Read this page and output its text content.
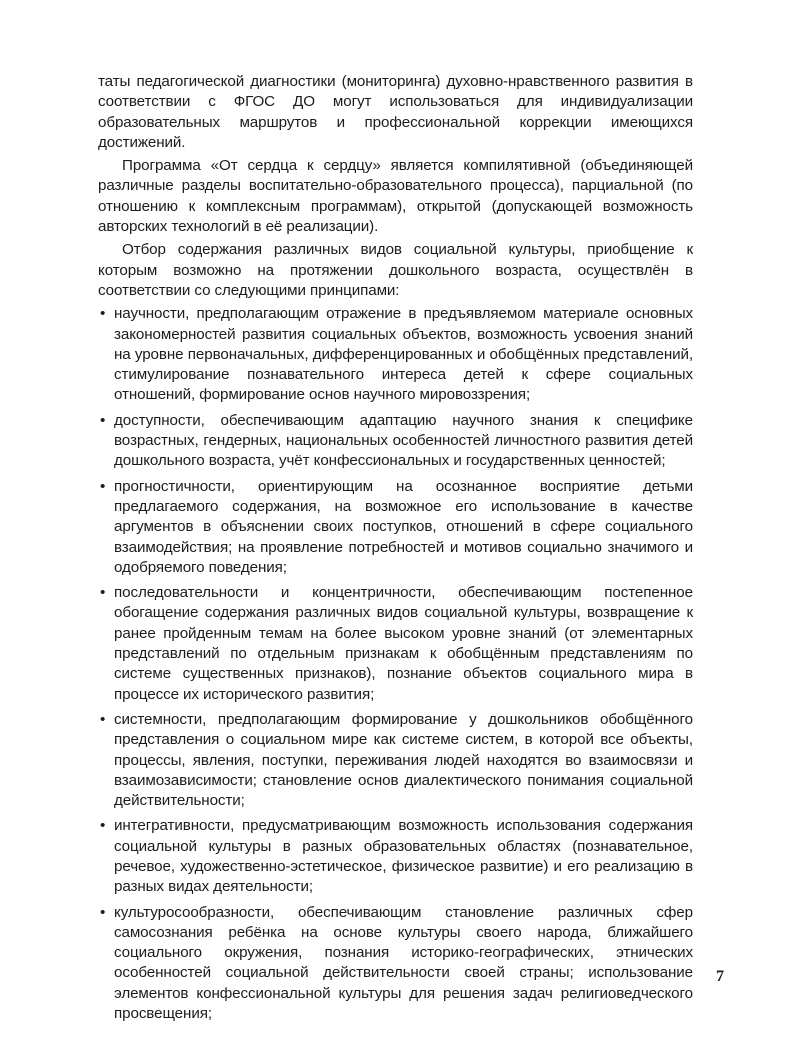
таты педагогической диагностики (мониторинга) духовно-нравственного развития в соответствии с ФГОС ДО могут использоваться для индивидуализации образовательных маршрутов и профессиональной коррекции имеющихся достижений.

Программа «От сердца к сердцу» является компилятивной (объединяющей различные разделы воспитательно-образовательного процесса), парциальной (по отношению к комплексным программам), открытой (допускающей возможность авторских технологий в её реализации).

Отбор содержания различных видов социальной культуры, приобщение к которым возможно на протяжении дошкольного возраста, осуществлён в соответствии со следующими принципами:

• научности, предполагающим отражение в предъявляемом материале основных закономерностей развития социальных объектов, возможность усвоения знаний на уровне первоначальных, дифференцированных и обобщённых представлений, стимулирование познавательного интереса детей к сфере социальных отношений, формирование основ научного мировоззрения;
• доступности, обеспечивающим адаптацию научного знания к специфике возрастных, гендерных, национальных особенностей личностного развития детей дошкольного возраста, учёт конфессиональных и государственных ценностей;
• прогностичности, ориентирующим на осознанное восприятие детьми предлагаемого содержания, на возможное его использование в качестве аргументов в объяснении своих поступков, отношений в сфере социального взаимодействия; на проявление потребностей и мотивов социально значимого и одобряемого поведения;
• последовательности и концентричности, обеспечивающим постепенное обогащение содержания различных видов социальной культуры, возвращение к ранее пройденным темам на более высоком уровне знаний (от элементарных представлений по отдельным признакам к обобщённым представлениям по системе существенных признаков), познание объектов социального мира в процессе их исторического развития;
• системности, предполагающим формирование у дошкольников обобщённого представления о социальном мире как системе систем, в которой все объекты, процессы, явления, поступки, переживания людей находятся во взаимосвязи и взаимозависимости; становление основ диалектического понимания социальной действительности;
• интегративности, предусматривающим возможность использования содержания социальной культуры в разных образовательных областях (познавательное, речевое, художественно-эстетическое, физическое развитие) и его реализацию в разных видах деятельности;
• культуросообразности, обеспечивающим становление различных сфер самосознания ребёнка на основе культуры своего народа, ближайшего социального окружения, познания историко-географических, этнических особенностей социальной действительности своей страны; использование элементов конфессиональной культуры для решения задач религиоведческого просвещения;
7
